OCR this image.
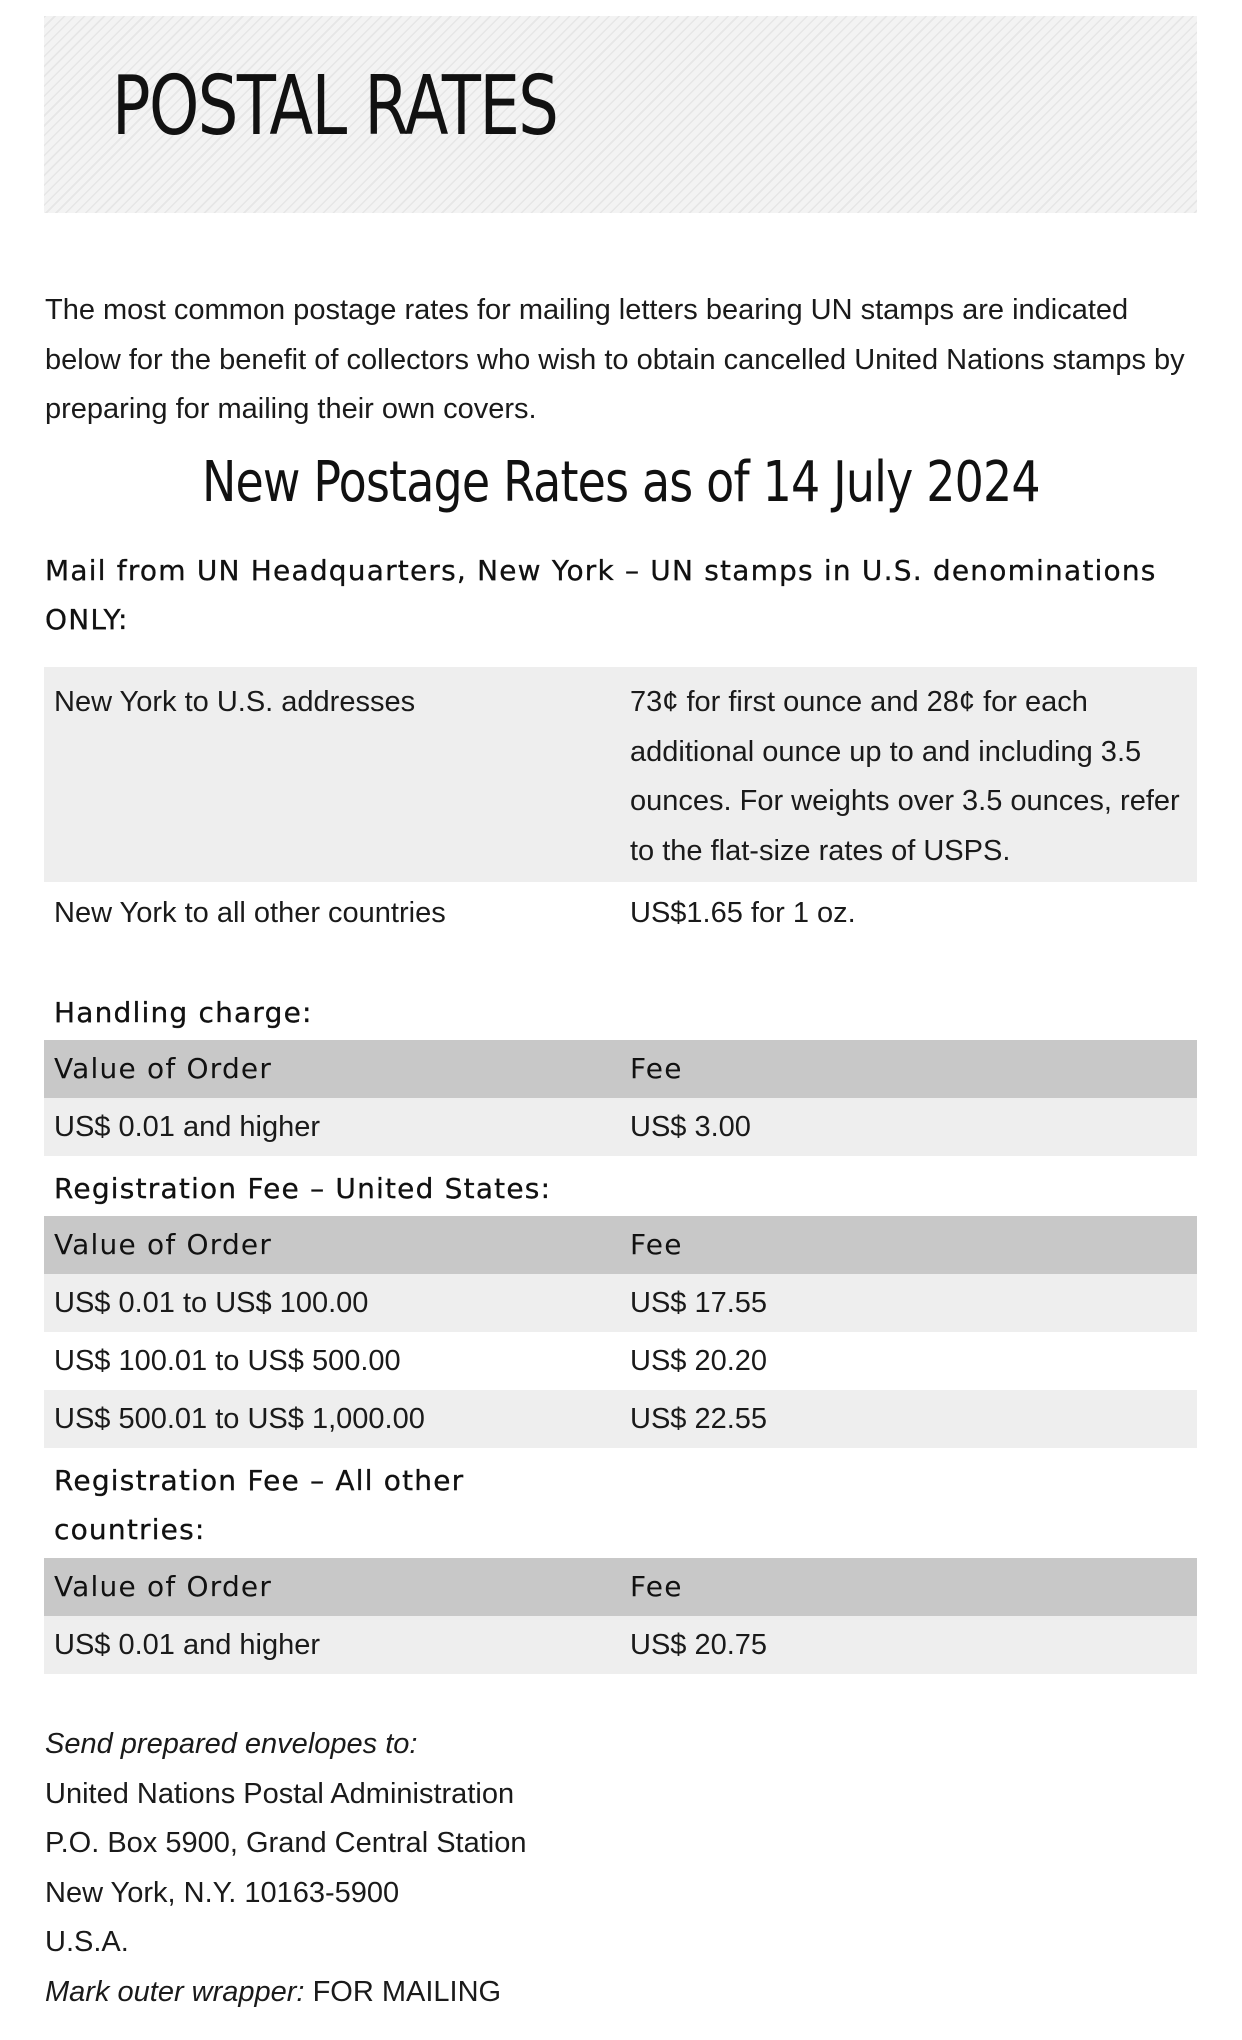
POSTAL RATES

The most common postage rates for mailing letters bearing UN stamps are indicated below for the benefit of collectors who wish to obtain cancelled United Nations stamps by preparing for mailing their own covers.

New Postage Rates as of 14 July 2024

Mail from UN Headquarters, New York – UN stamps in U.S. denominations ONLY:

New York to U.S. addresses	73¢ for first ounce and 28¢ for each additional ounce up to and including 3.5 ounces. For weights over 3.5 ounces, refer to the flat-size rates of USPS.
New York to all other countries	US$1.65 for 1 oz.

Handling charge:

Value of Order	Fee
US$ 0.01 and higher	US$ 3.00

Registration Fee – United States:

Value of Order	Fee
US$ 0.01 to US$ 100.00	US$ 17.55
US$ 100.01 to US$ 500.00	US$ 20.20
US$ 500.01 to US$ 1,000.00	US$ 22.55

Registration Fee – All other
countries:

Value of Order	Fee
US$ 0.01 and higher	US$ 20.75
Send prepared envelopes to:
United Nations Postal Administration
P.O. Box 5900, Grand Central Station
New York, N.Y. 10163-5900
U.S.A.
Mark outer wrapper: FOR MAILING
